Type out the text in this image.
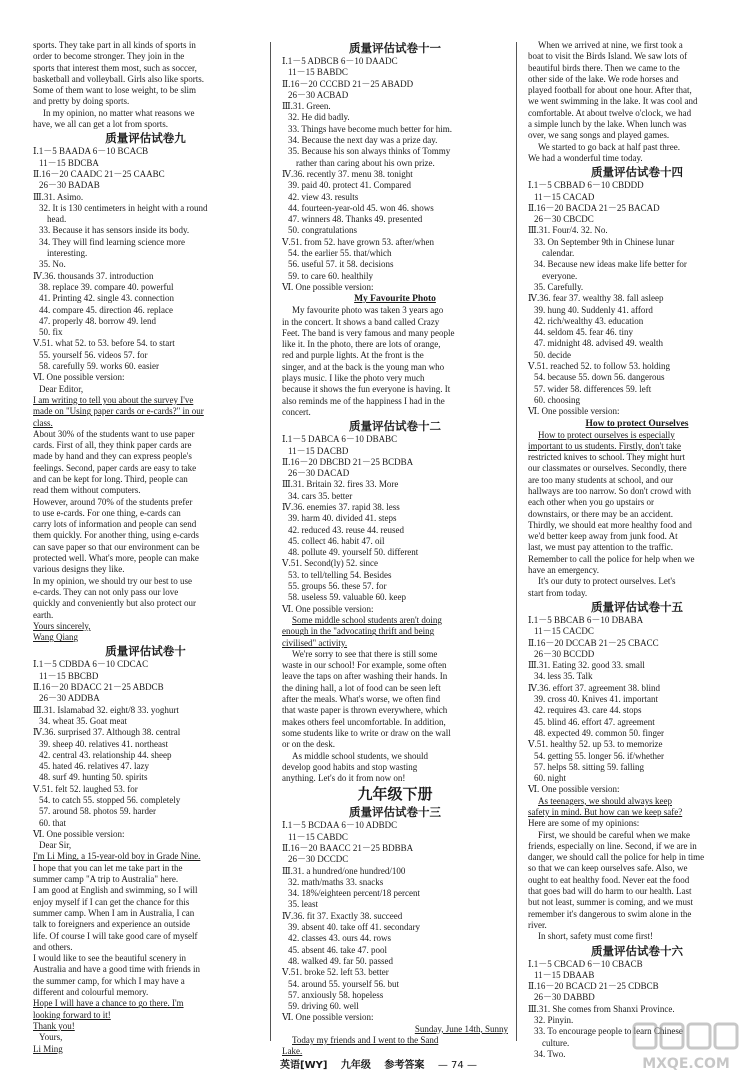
sports. They take part in all kinds of sports in
order to become stronger. They join in the
sports that interest them most, such as soccer,
basketball and volleyball. Girls also like sports.
Some of them want to lose weight, to be slim
and pretty by doing sports.
In my opinion, no matter what reasons we
have, we all can get a lot from sports.
质量评估试卷九
Ⅰ.1－5 BAADA 6－10 BCACB
11－15 BDCBA
Ⅱ.16－20 CAADC 21－25 CAABC
26－30 BADAB
Ⅲ.31. Asimo.
32. It is 130 centimeters in height with a round
head.
33. Because it has sensors inside its body.
34. They will find learning science more
interesting.
35. No.
Ⅳ.36. thousands 37. introduction
38. replace 39. compare 40. powerful
41. Printing 42. single 43. connection
44. compare 45. direction 46. replace
47. properly 48. borrow 49. lend
50. fix
Ⅴ.51. what 52. to 53. before 54. to start
55. yourself 56. videos 57. for
58. carefully 59. works 60. easier
Ⅵ. One possible version:
Dear Editor,
I am writing to tell you about the survey I've
made on "Using paper cards or e-cards?" in our
class.
About 30% of the students want to use paper
cards. First of all, they think paper cards are
made by hand and they can express people's
feelings. Second, paper cards are easy to take
and can be kept for long. Third, people can
read them without computers.
However, around 70% of the students prefer
to use e-cards. For one thing, e-cards can
carry lots of information and people can send
them quickly. For another thing, using e-cards
can save paper so that our environment can be
protected well. What's more, people can make
various designs they like.
In my opinion, we should try our best to use
e-cards. They can not only pass our love
quickly and conveniently but also protect our
earth.
Yours sincerely,
Wang Qiang
质量评估试卷十
Ⅰ.1－5 CDBDA 6－10 CDCAC
11－15 BBCBD
Ⅱ.16－20 BDACC 21－25 ABDCB
26－30 ADDBA
Ⅲ.31. Islamabad 32. eight/8 33. yoghurt
34. wheat 35. Goat meat
Ⅳ.36. surprised 37. Although 38. central
39. sheep 40. relatives 41. northeast
42. central 43. relationship 44. sheep
45. hated 46. relatives 47. lazy
48. surf 49. hunting 50. spirits
Ⅴ.51. felt 52. laughed 53. for
54. to catch 55. stopped 56. completely
57. around 58. photos 59. harder
60. that
Ⅵ. One possible version:
Dear Sir,
I'm Li Ming, a 15-year-old boy in Grade Nine.
I hope that you can let me take part in the
summer camp "A trip to Australia" here.
I am good at English and swimming, so I will
enjoy myself if I can get the chance for this
summer camp. When I am in Australia, I can
talk to foreigners and experience an outside
life. Of course I will take good care of myself
and others.
I would like to see the beautiful scenery in
Australia and have a good time with friends in
the summer camp, for which I may have a
different and colourful memory.
Hope I will have a chance to go there. I'm
looking forward to it!
Thank you!
Yours,
Li Ming
质量评估试卷十一
Ⅰ.1－5 ADBCB 6－10 DAADC
11－15 BABDC
Ⅱ.16－20 CCCBD 21－25 ABADD
26－30 ACBAD
Ⅲ.31. Green.
32. He did badly.
33. Things have become much better for him.
34. Because the next day was a prize day.
35. Because his son always thinks of Tommy
rather than caring about his own prize.
Ⅳ.36. recently 37. menu 38. tonight
39. paid 40. protect 41. Compared
42. view 43. results
44. fourteen-year-old 45. won 46. shows
47. winners 48. Thanks 49. presented
50. congratulations
Ⅴ.51. from 52. have grown 53. after/when
54. the earlier 55. that/which
56. useful 57. it 58. decisions
59. to care 60. healthily
Ⅵ. One possible version:
My Favourite Photo
My favourite photo was taken 3 years ago
in the concert. It shows a band called Crazy
Feet. The band is very famous and many people
like it. In the photo, there are lots of orange,
red and purple lights. At the front is the
singer, and at the back is the young man who
plays music. I like the photo very much
because it shows the fun everyone is having. It
also reminds me of the happiness I had in the
concert.
质量评估试卷十二
Ⅰ.1－5 DABCA 6－10 DBABC
11－15 DACBD
Ⅱ.16－20 DBCBD 21－25 BCDBA
26－30 DACAD
Ⅲ.31. Britain 32. fires 33. More
34. cars 35. better
Ⅳ.36. enemies 37. rapid 38. less
39. harm 40. divided 41. steps
42. reduced 43. reuse 44. reused
45. collect 46. habit 47. oil
48. pollute 49. yourself 50. different
Ⅴ.51. Second(ly) 52. since
53. to tell/telling 54. Besides
55. groups 56. these 57. for
58. useless 59. valuable 60. keep
Ⅵ. One possible version:
Some middle school students aren't doing
enough in the "advocating thrift and being
civilised" activity.
We're sorry to see that there is still some
waste in our school! For example, some often
leave the taps on after washing their hands. In
the dining hall, a lot of food can be seen left
after the meals. What's worse, we often find
that waste paper is thrown everywhere, which
makes others feel uncomfortable. In addition,
some students like to write or draw on the wall
or on the desk.
As middle school students, we should
develop good habits and stop wasting
anything. Let's do it from now on!
九年级下册
质量评估试卷十三
Ⅰ.1－5 BCDAA 6－10 ADBDC
11－15 CABDC
Ⅱ.16－20 BAACC 21－25 BDBBA
26－30 DCCDC
Ⅲ.31. a hundred/one hundred/100
32. math/maths 33. snacks
34. 18%/eighteen percent/18 percent
35. least
Ⅳ.36. fit 37. Exactly 38. succeed
39. absent 40. take off 41. secondary
42. classes 43. ours 44. rows
45. absent 46. take 47. pool
48. walked 49. far 50. passed
Ⅴ.51. broke 52. left 53. better
54. around 55. yourself 56. but
57. anxiously 58. hopeless
59. driving 60. well
Ⅵ. One possible version:
Sunday, June 14th, Sunny
Today my friends and I went to the Sand
Lake.
When we arrived at nine, we first took a
boat to visit the Birds Island. We saw lots of
beautiful birds there. Then we came to the
other side of the lake. We rode horses and
played football for about one hour. After that,
we went swimming in the lake. It was cool and
comfortable. At about twelve o'clock, we had
a simple lunch by the lake. When lunch was
over, we sang songs and played games.
We started to go back at half past three.
We had a wonderful time today.
质量评估试卷十四
Ⅰ.1－5 CBBAD 6－10 CBDDD
11－15 CACAD
Ⅱ.16－20 BACDA 21－25 BACAD
26－30 CBCDC
Ⅲ.31. Four/4. 32. No.
33. On September 9th in Chinese lunar
calendar.
34. Because new ideas make life better for
everyone.
35. Carefully.
Ⅳ.36. fear 37. wealthy 38. fall asleep
39. hung 40. Suddenly 41. afford
42. rich/wealthy 43. education
44. seldom 45. fear 46. tiny
47. midnight 48. advised 49. wealth
50. decide
Ⅴ.51. reached 52. to follow 53. holding
54. because 55. down 56. dangerous
57. wider 58. differences 59. left
60. choosing
Ⅵ. One possible version:
How to protect Ourselves
How to protect ourselves is especially
important to us students. Firstly, don't take
restricted knives to school. They might hurt
our classmates or ourselves. Secondly, there
are too many students at school, and our
hallways are too narrow. So don't crowd with
each other when you go upstairs or
downstairs, or there may be an accident.
Thirdly, we should eat more healthy food and
we'd better keep away from junk food. At
last, we must pay attention to the traffic.
Remember to call the police for help when we
have an emergency.
It's our duty to protect ourselves. Let's
start from today.
质量评估试卷十五
Ⅰ.1－5 BBCAB 6－10 DBABA
11－15 CACDC
Ⅱ.16－20 DCCAB 21－25 CBACC
26－30 BCCDD
Ⅲ.31. Eating 32. good 33. small
34. less 35. Talk
Ⅳ.36. effort 37. agreement 38. blind
39. cross 40. Knives 41. important
42. requires 43. care 44. stops
45. blind 46. effort 47. agreement
48. expected 49. common 50. finger
Ⅴ.51. healthy 52. up 53. to memorize
54. getting 55. longer 56. if/whether
57. helps 58. sitting 59. falling
60. night
Ⅵ. One possible version:
As teenagers, we should always keep
safety in mind. But how can we keep safe?
Here are some of my opinions:
First, we should be careful when we make
friends, especially on line. Second, if we are in
danger, we should call the police for help in time
so that we can keep ourselves safe. Also, we
ought to eat healthy food. Never eat the food
that goes bad will do harm to our health. Last
but not least, summer is coming, and we must
remember it's dangerous to swim alone in the
river.
In short, safety must come first!
质量评估试卷十六
Ⅰ.1－5 CBCAD 6－10 CBACB
11－15 DBAAB
Ⅱ.16－20 BCACD 21－25 CDBCB
26－30 DABBD
Ⅲ.31. She comes from Shanxi Province.
32. Pinyin.
33. To encourage people to learn Chinese
culture.
34. Two.
英语[WY] 九年级 参考答案 — 74 —	MXQE.COM
